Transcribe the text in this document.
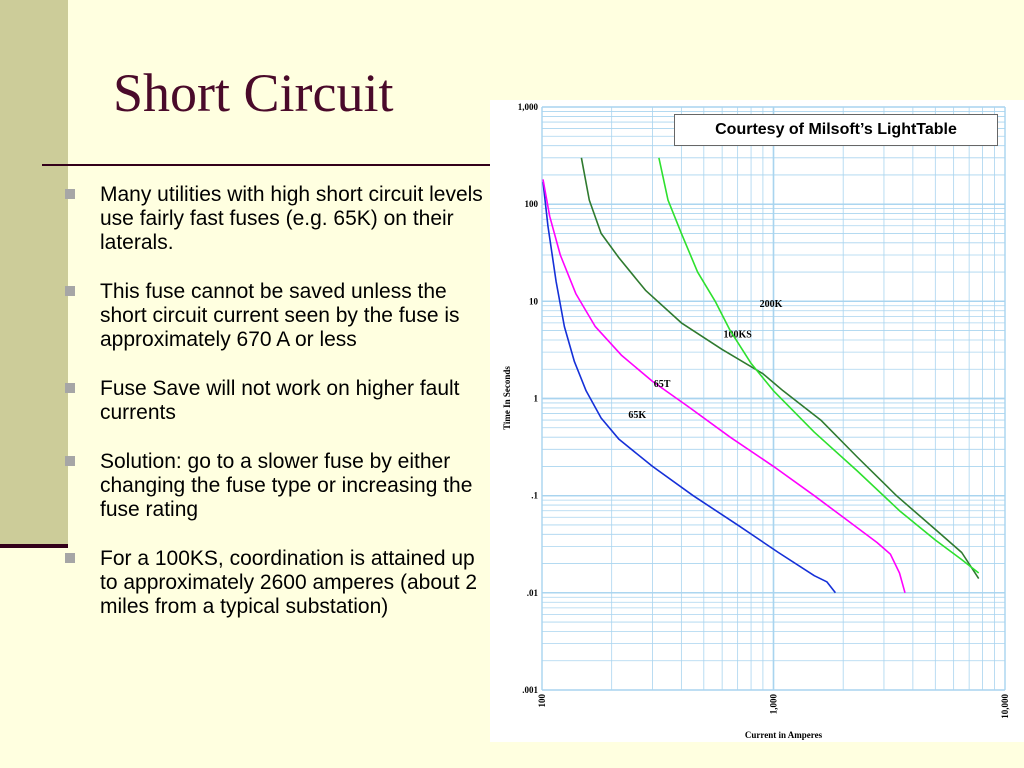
Short Circuit
Many utilities with high short circuit levels use fairly fast fuses (e.g. 65K) on their laterals.
This fuse cannot be saved unless the short circuit current seen by the fuse is approximately 670 A or less
Fuse Save will not work on higher fault currents
Solution: go to a slower fuse by either changing the fuse type or increasing the fuse rating
For a 100KS, coordination is attained up to approximately 2600 amperes (about 2 miles from a typical substation)
.001
.01
.1
1
10
100
1,000
100	1,000	10,000
Current in Amperes
Time In Seconds	65K
65T
100KS
200K
Courtesy of Milsoft’s LightTable
